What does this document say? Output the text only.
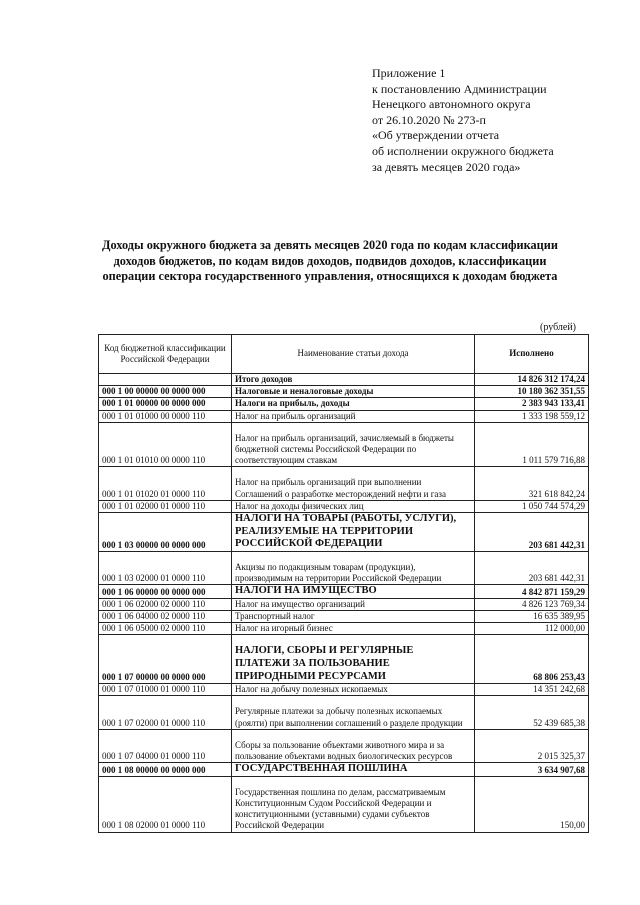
Приложение 1
к постановлению Администрации
Ненецкого автономного округа
от 26.10.2020 № 273-п
«Об утверждении отчета
об исполнении окружного бюджета
за девять месяцев 2020 года»
Доходы окружного бюджета за девять месяцев 2020 года по кодам классификации
доходов бюджетов, по кодам видов доходов, подвидов доходов, классификации
операции сектора государственного управления, относящихся к доходам бюджета
(рублей)
Код бюджетной классификации Российской Федерации	Наименование статьи дохода	Исполнено
	Итого доходов	14 826 312 174,24
000 1 00 00000 00 0000 000	Налоговые и неналоговые доходы	10 180 362 351,55
000 1 01 00000 00 0000 000	Налоги на прибыль, доходы	2 383 943 133,41
000 1 01 01000 00 0000 110	Налог на прибыль организаций	1 333 198 559,12
000 1 01 01010 00 0000 110	Налог на прибыль организаций, зачисляемый в бюджеты бюджетной системы Российской Федерации по соответствующим ставкам	1 011 579 716,88
000 1 01 01020 01 0000 110	Налог на прибыль организаций при выполнении Соглашений о разработке месторождений нефти и газа	321 618 842,24
000 1 01 02000 01 0000 110	Налог на доходы физических лиц	1 050 744 574,29
000 1 03 00000 00 0000 000	НАЛОГИ НА ТОВАРЫ (РАБОТЫ, УСЛУГИ), РЕАЛИЗУЕМЫЕ НА ТЕРРИТОРИИ РОССИЙСКОЙ ФЕДЕРАЦИИ	203 681 442,31
000 1 03 02000 01 0000 110	Акцизы по подакцизным товарам (продукции), производимым на территории Российской Федерации	203 681 442,31
000 1 06 00000 00 0000 000	НАЛОГИ НА ИМУЩЕСТВО	4 842 871 159,29
000 1 06 02000 02 0000 110	Налог на имущество организаций	4 826 123 769,34
000 1 06 04000 02 0000 110	Транспортный налог	16 635 389,95
000 1 06 05000 02 0000 110	Налог на игорный бизнес	112 000,00
000 1 07 00000 00 0000 000	НАЛОГИ, СБОРЫ И РЕГУЛЯРНЫЕ ПЛАТЕЖИ ЗА ПОЛЬЗОВАНИЕ ПРИРОДНЫМИ РЕСУРСАМИ	68 806 253,43
000 1 07 01000 01 0000 110	Налог на добычу полезных ископаемых	14 351 242,68
000 1 07 02000 01 0000 110	Регулярные платежи за добычу полезных ископаемых (роялти) при выполнении соглашений о разделе продукции	52 439 685,38
000 1 07 04000 01 0000 110	Сборы за пользование объектами животного мира и за пользование объектами водных биологических ресурсов	2 015 325,37
000 1 08 00000 00 0000 000	ГОСУДАРСТВЕННАЯ ПОШЛИНА	3 634 907,68
000 1 08 02000 01 0000 110	Государственная пошлина по делам, рассматриваемым Конституционным Судом Российской Федерации и конституционными (уставными) судами субъектов Российской Федерации	150,00
